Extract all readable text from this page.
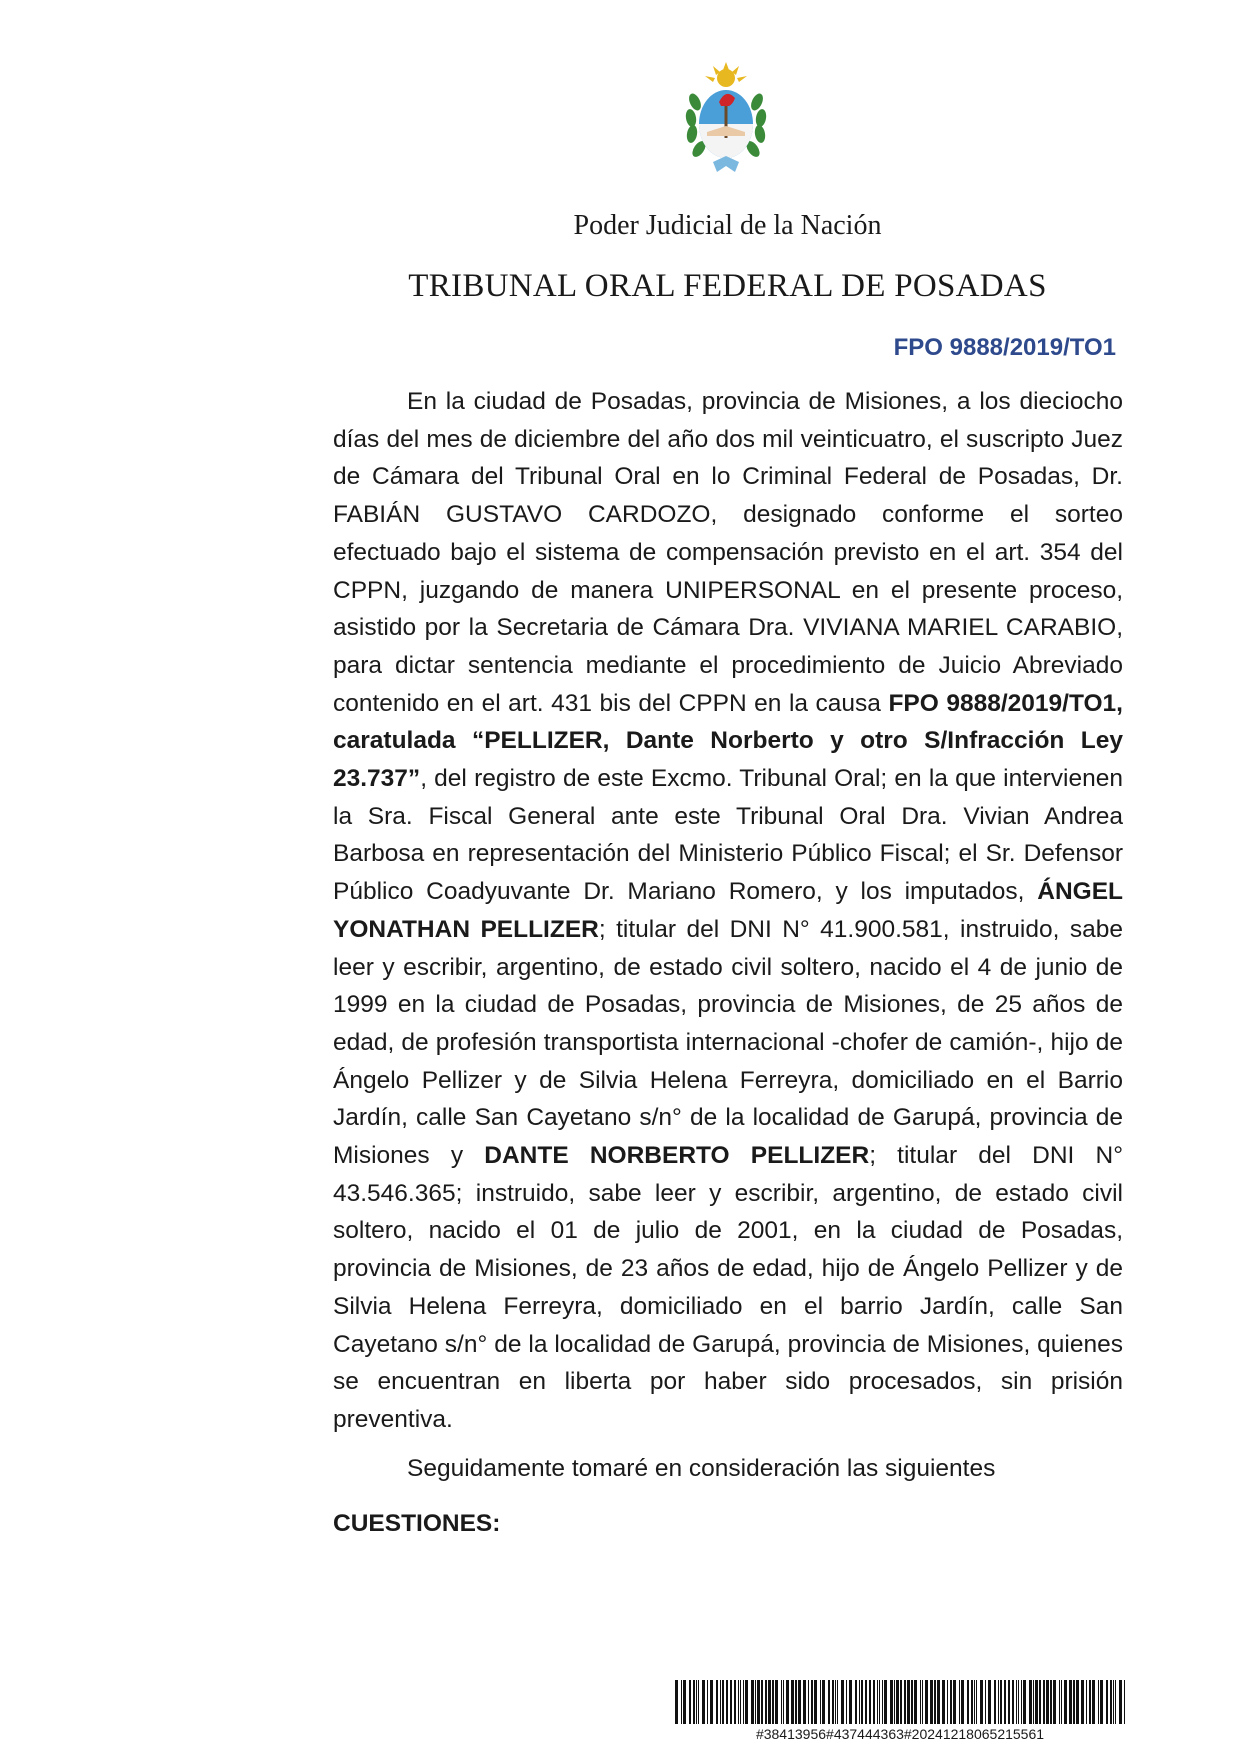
Poder Judicial de la Nación
TRIBUNAL ORAL FEDERAL DE POSADAS
FPO 9888/2019/TO1

En la ciudad de Posadas, provincia de Misiones, a los dieciocho días del mes de diciembre del año dos mil veinticuatro, el suscripto Juez de Cámara del Tribunal Oral en lo Criminal Federal de Posadas, Dr. FABIÁN GUSTAVO CARDOZO, designado conforme el sorteo efectuado bajo el sistema de compensación previsto en el art. 354 del CPPN, juzgando de manera UNIPERSONAL en el presente proceso, asistido por la Secretaria de Cámara Dra. VIVIANA MARIEL CARABIO, para dictar sentencia mediante el procedimiento de Juicio Abreviado contenido en el art. 431 bis del CPPN en la causa FPO 9888/2019/TO1, caratulada “PELLIZER, Dante Norberto y otro S/Infracción Ley 23.737”, del registro de este Excmo. Tribunal Oral; en la que intervienen la Sra. Fiscal General ante este Tribunal Oral Dra. Vivian Andrea Barbosa en representación del Ministerio Público Fiscal; el Sr. Defensor Público Coadyuvante Dr. Mariano Romero, y los imputados, ÁNGEL YONATHAN PELLIZER; titular del DNI N° 41.900.581, instruido, sabe leer y escribir, argentino, de estado civil soltero, nacido el 4 de junio de 1999 en la ciudad de Posadas, provincia de Misiones, de 25 años de edad, de profesión transportista internacional -chofer de camión-, hijo de Ángelo Pellizer y de Silvia Helena Ferreyra, domiciliado en el Barrio Jardín, calle San Cayetano s/n° de la localidad de Garupá, provincia de Misiones y DANTE NORBERTO PELLIZER; titular del DNI N° 43.546.365; instruido, sabe leer y escribir, argentino, de estado civil soltero, nacido el 01 de julio de 2001, en la ciudad de Posadas, provincia de Misiones, de 23 años de edad, hijo de Ángelo Pellizer y de Silvia Helena Ferreyra, domiciliado en el barrio Jardín, calle San Cayetano s/n° de la localidad de Garupá, provincia de Misiones, quienes se encuentran en liberta por haber sido procesados, sin prisión preventiva.

Seguidamente tomaré en consideración las siguientes
CUESTIONES:
#38413956#437444363#20241218065215561
